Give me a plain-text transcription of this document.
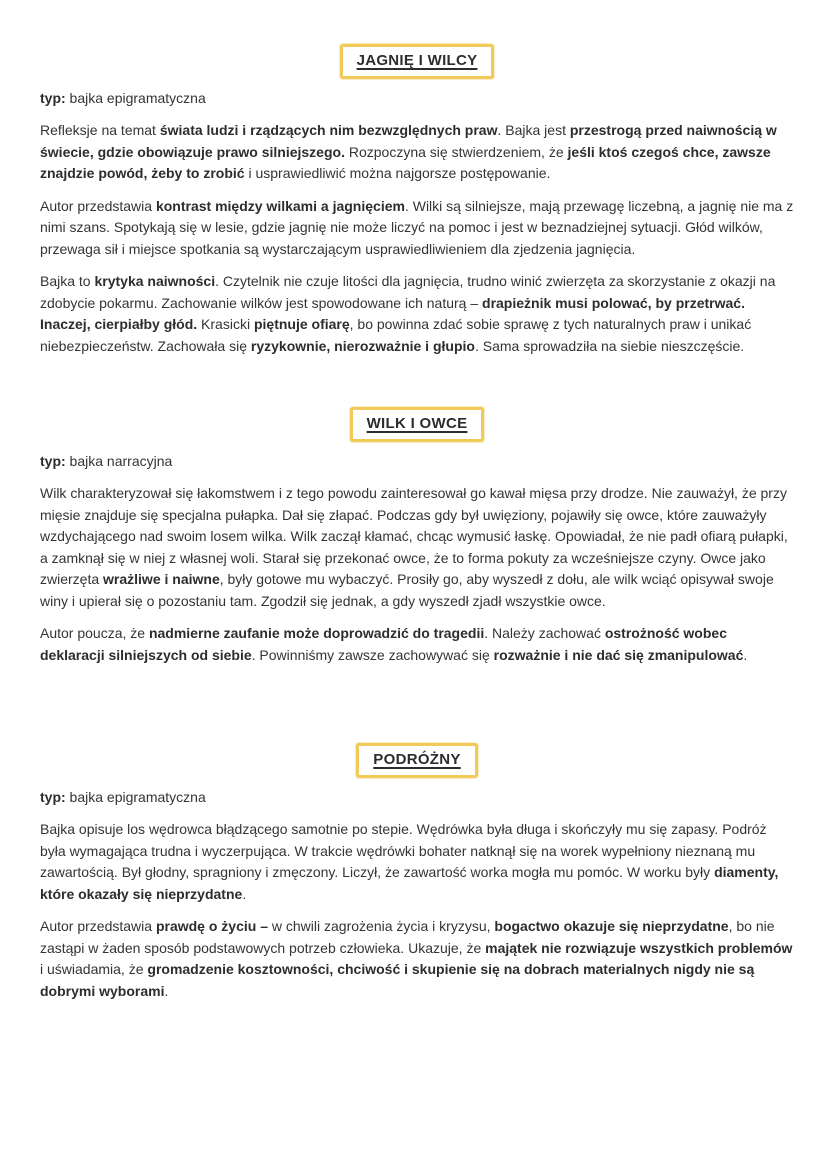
JAGNIĘ I WILCY

typ: bajka epigramatyczna

Refleksje na temat świata ludzi i rządzących nim bezwzględnych praw. Bajka jest przestrogą przed naiwnością w świecie, gdzie obowiązuje prawo silniejszego. Rozpoczyna się stwierdzeniem, że jeśli ktoś czegoś chce, zawsze znajdzie powód, żeby to zrobić i usprawiedliwić można najgorsze postępowanie.

Autor przedstawia kontrast między wilkami a jagnięciem. Wilki są silniejsze, mają przewagę liczebną, a jagnię nie ma z nimi szans. Spotykają się w lesie, gdzie jagnię nie może liczyć na pomoc i jest w beznadziejnej sytuacji. Głód wilków, przewaga sił i miejsce spotkania są wystarczającym usprawiedliwieniem dla zjedzenia jagnięcia.

Bajka to krytyka naiwności. Czytelnik nie czuje litości dla jagnięcia, trudno winić zwierzęta za skorzystanie z okazji na zdobycie pokarmu. Zachowanie wilków jest spowodowane ich naturą – drapieżnik musi polować, by przetrwać. Inaczej, cierpiałby głód. Krasicki piętnuje ofiarę, bo powinna zdać sobie sprawę z tych naturalnych praw i unikać niebezpieczeństw. Zachowała się ryzykownie, nierozważnie i głupio. Sama sprowadziła na siebie nieszczęście.

WILK I OWCE

typ: bajka narracyjna

Wilk charakteryzował się łakomstwem i z tego powodu zainteresował go kawał mięsa przy drodze. Nie zauważył, że przy mięsie znajduje się specjalna pułapka. Dał się złapać. Podczas gdy był uwięziony, pojawiły się owce, które zauważyły wzdychającego nad swoim losem wilka. Wilk zaczął kłamać, chcąc wymusić łaskę. Opowiadał, że nie padł ofiarą pułapki, a zamknął się w niej z własnej woli. Starał się przekonać owce, że to forma pokuty za wcześniejsze czyny. Owce jako zwierzęta wrażliwe i naiwne, były gotowe mu wybaczyć. Prosiły go, aby wyszedł z dołu, ale wilk wciąć opisywał swoje winy i upierał się o pozostaniu tam. Zgodził się jednak, a gdy wyszedł zjadł wszystkie owce.

Autor poucza, że nadmierne zaufanie może doprowadzić do tragedii. Należy zachować ostrożność wobec deklaracji silniejszych od siebie. Powinniśmy zawsze zachowywać się rozważnie i nie dać się zmanipulować.

PODRÓŻNY

typ: bajka epigramatyczna

Bajka opisuje los wędrowca błądzącego samotnie po stepie. Wędrówka była długa i skończyły mu się zapasy. Podróż była wymagająca trudna i wyczerpująca. W trakcie wędrówki bohater natknął się na worek wypełniony nieznaną mu zawartością. Był głodny, spragniony i zmęczony. Liczył, że zawartość worka mogła mu pomóc. W worku były diamenty, które okazały się nieprzydatne.

Autor przedstawia prawdę o życiu – w chwili zagrożenia życia i kryzysu, bogactwo okazuje się nieprzydatne, bo nie zastąpi w żaden sposób podstawowych potrzeb człowieka. Ukazuje, że majątek nie rozwiązuje wszystkich problemów i uświadamia, że gromadzenie kosztowności, chciwość i skupienie się na dobrach materialnych nigdy nie są dobrymi wyborami.
